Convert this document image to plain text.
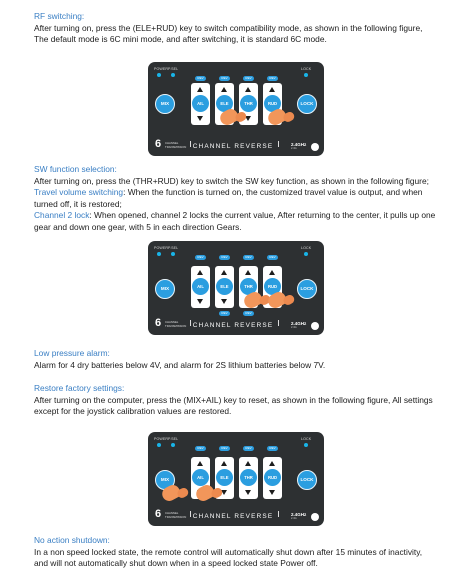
RF switching:

After turning on, press the (ELE+RUD) key to switch compatibility mode, as shown in the following figure,

The default mode is 6C mini mode, and after switching, it is standard 6C mode.

POWER P.SEL	LOCK
MIX	LOCK
REV	REV	REV	REV
AIL	ELE	THR	RUD
6 CHANNEL
TRANSMISSION CHANNEL REVERSE	2.4GHz
2.4G

SW function selection:

After turning on, press the (THR+RUD) key to switch the SW key function, as shown in the following figure;

Travel volume switching: When the function is turned on, the customized travel value is output, and when

turned off, it is restored;

Channel 2 lock: When opened, channel 2 locks the current value, After returning to the center, it pulls up one

gear and down one gear, with 5 in each direction Gears.

POWER P.SEL	LOCK
MIX	LOCK
REV	REV	REV	REV
AIL	ELE	THR	RUD
REV	REV
6 CHANNEL
TRANSMISSION CHANNEL REVERSE	2.4GHz
2.4G

Low pressure alarm:

Alarm for 4 dry batteries below 4V, and alarm for 2S lithium batteries below 7V.

Restore factory settings:

After turning on the computer, press the (MIX+AIL) key to reset, as shown in the following figure, All settings

except for the joystick calibration values are restored.

POWER P.SEL	LOCK
MIX	LOCK
REV	REV	REV	REV
AIL	ELE	THR	RUD
6 CHANNEL
TRANSMISSION CHANNEL REVERSE	2.4GHz
2.4G

No action shutdown:

In a non speed locked state, the remote control will automatically shut down after 15 minutes of inactivity,

and will not automatically shut down when in a speed locked state Power off.
